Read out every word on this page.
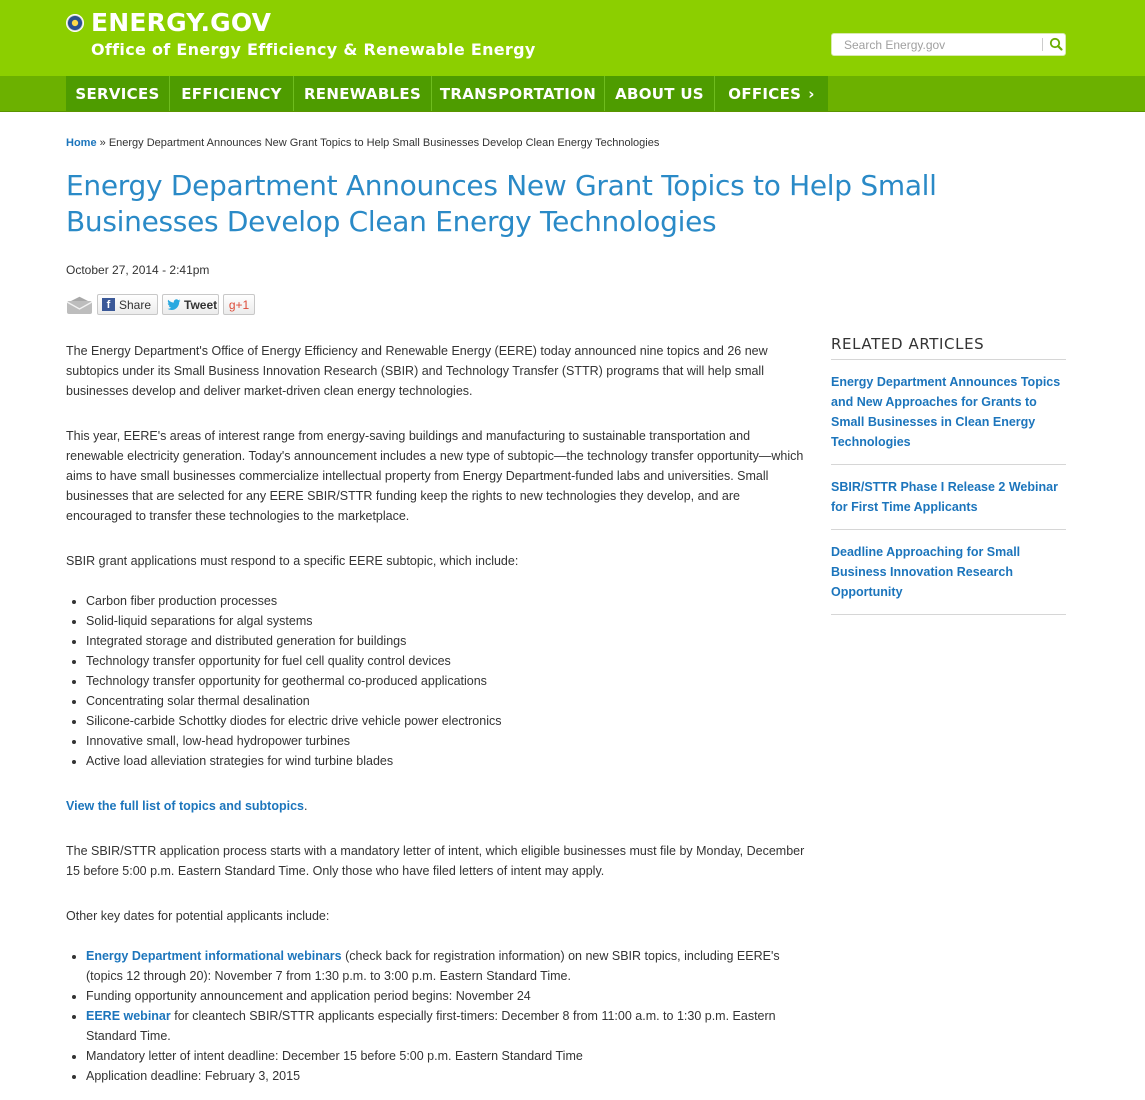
ENERGY.GOV
Office of Energy Efficiency & Renewable Energy
Search Energy.gov
SERVICES	EFFICIENCY	RENEWABLES	TRANSPORTATION	ABOUT US	OFFICES ›
Home » Energy Department Announces New Grant Topics to Help Small Businesses Develop Clean Energy Technologies
Energy Department Announces New Grant Topics to Help Small Businesses Develop Clean Energy Technologies
October 27, 2014 - 2:41pm
f Share	Tweet g+1

The Energy Department's Office of Energy Efficiency and Renewable Energy (EERE) today announced nine topics and 26 new subtopics under its Small Business Innovation Research (SBIR) and Technology Transfer (STTR) programs that will help small businesses develop and deliver market-driven clean energy technologies.

This year, EERE's areas of interest range from energy-saving buildings and manufacturing to sustainable transportation and renewable electricity generation. Today's announcement includes a new type of subtopic—the technology transfer opportunity—which aims to have small businesses commercialize intellectual property from Energy Department-funded labs and universities. Small businesses that are selected for any EERE SBIR/STTR funding keep the rights to new technologies they develop, and are encouraged to transfer these technologies to the marketplace.

SBIR grant applications must respond to a specific EERE subtopic, which include:

• Carbon fiber production processes
• Solid-liquid separations for algal systems
• Integrated storage and distributed generation for buildings
• Technology transfer opportunity for fuel cell quality control devices
• Technology transfer opportunity for geothermal co-produced applications
• Concentrating solar thermal desalination
• Silicone-carbide Schottky diodes for electric drive vehicle power electronics
• Innovative small, low-head hydropower turbines
• Active load alleviation strategies for wind turbine blades

View the full list of topics and subtopics.

The SBIR/STTR application process starts with a mandatory letter of intent, which eligible businesses must file by Monday, December 15 before 5:00 p.m. Eastern Standard Time. Only those who have filed letters of intent may apply.

Other key dates for potential applicants include:

• Energy Department informational webinars (check back for registration information) on new SBIR topics, including EERE's (topics 12 through 20): November 7 from 1:30 p.m. to 3:00 p.m. Eastern Standard Time.
• Funding opportunity announcement and application period begins: November 24
• EERE webinar for cleantech SBIR/STTR applicants especially first-timers: December 8 from 11:00 a.m. to 1:30 p.m. Eastern Standard Time.
• Mandatory letter of intent deadline: December 15 before 5:00 p.m. Eastern Standard Time
• Application deadline: February 3, 2015
RELATED ARTICLES
Energy Department Announces Topics and New Approaches for Grants to Small Businesses in Clean Energy Technologies
SBIR/STTR Phase I Release 2 Webinar for First Time Applicants
Deadline Approaching for Small Business Innovation Research Opportunity
